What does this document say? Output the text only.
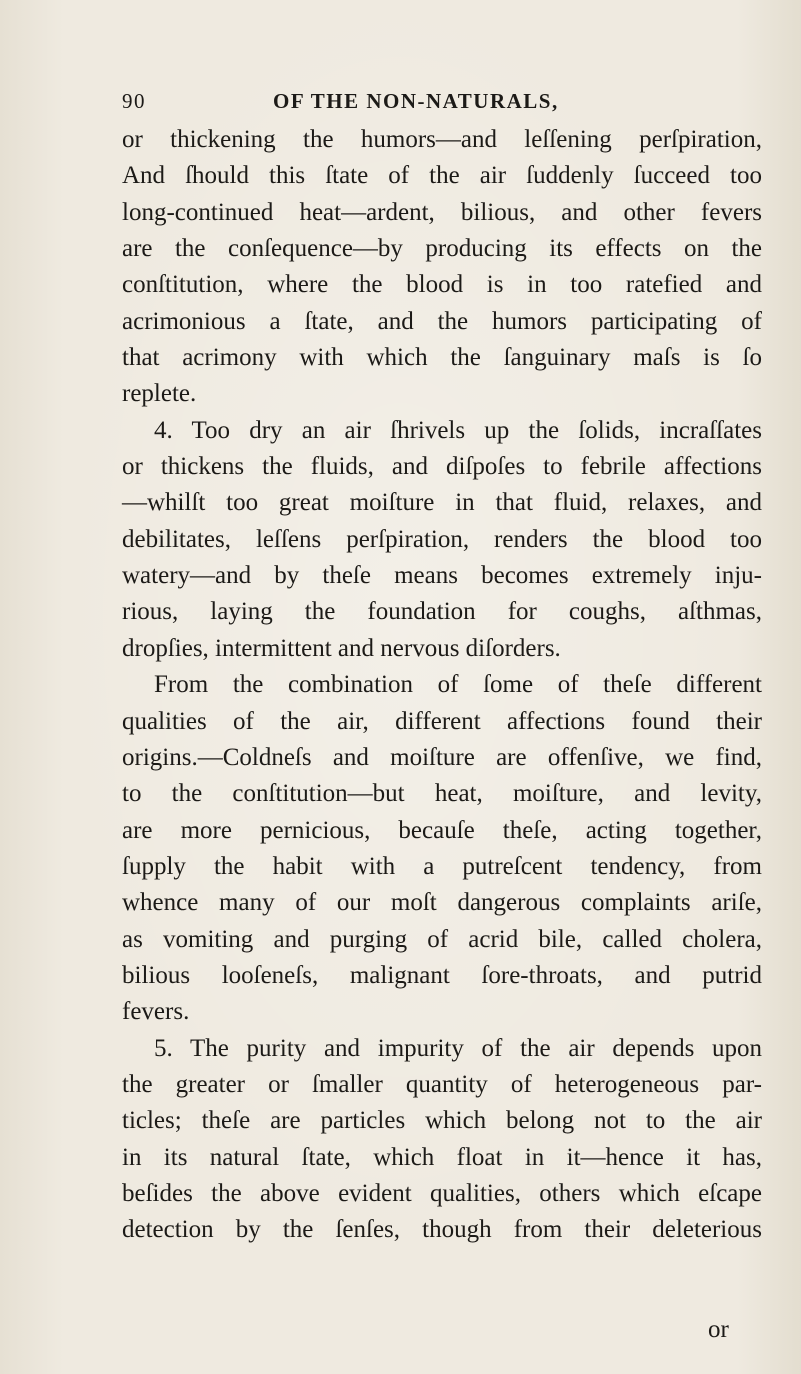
90	OF THE NON-NATURALS,
or thickening the humors—and leſſening perſpiration,
And ſhould this ſtate of the air ſuddenly ſucceed too
long-continued heat—ardent, bilious, and other fevers
are the conſequence—by producing its effects on the
conſtitution, where the blood is in too ratefied and
acrimonious a ſtate, and the humors participating of
that acrimony with which the ſanguinary maſs is ſo
replete.
4. Too dry an air ſhrivels up the ſolids, incraſſates
or thickens the fluids, and diſpoſes to febrile affections
—whilſt too great moiſture in that fluid, relaxes, and
debilitates, leſſens perſpiration, renders the blood too
watery—and by theſe means becomes extremely inju-
rious, laying the foundation for coughs, aſthmas,
dropſies, intermittent and nervous diſorders.
From the combination of ſome of theſe different
qualities of the air, different affections found their
origins.—Coldneſs and moiſture are offenſive, we find,
to the conſtitution—but heat, moiſture, and levity,
are more pernicious, becauſe theſe, acting together,
ſupply the habit with a putreſcent tendency, from
whence many of our moſt dangerous complaints ariſe,
as vomiting and purging of acrid bile, called cholera,
bilious looſeneſs, malignant ſore-throats, and putrid
fevers.
5. The purity and impurity of the air depends upon
the greater or ſmaller quantity of heterogeneous par-
ticles; theſe are particles which belong not to the air
in its natural ſtate, which float in it—hence it has,
beſides the above evident qualities, others which eſcape
detection by the ſenſes, though from their deleterious
or
